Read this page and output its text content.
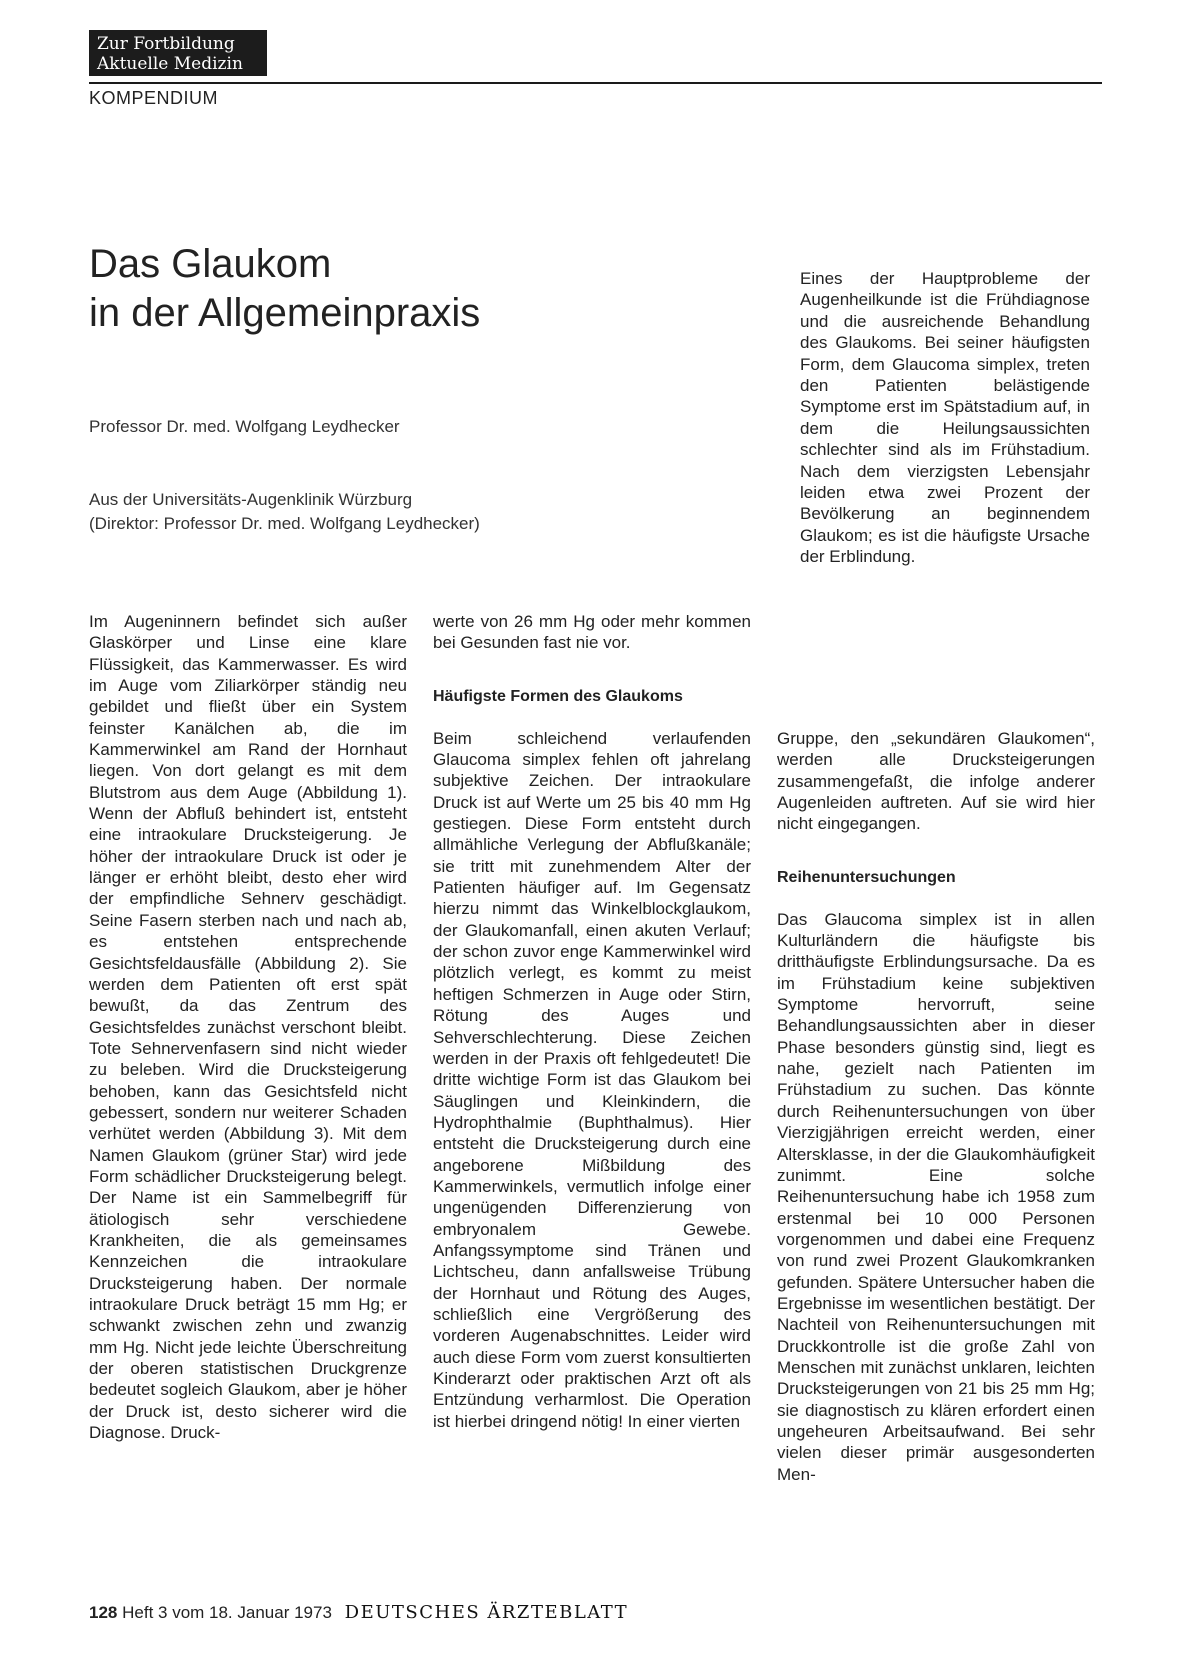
Zur Fortbildung
Aktuelle Medizin
KOMPENDIUM
Das Glaukom
in der Allgemeinpraxis
Professor Dr. med. Wolfgang Leydhecker
Aus der Universitäts-Augenklinik Würzburg
(Direktor: Professor Dr. med. Wolfgang Leydhecker)
Eines der Hauptprobleme der Augenheilkunde ist die Frühdiagnose und die ausreichende Behandlung des Glaukoms. Bei seiner häufigsten Form, dem Glaucoma simplex, treten den Patienten belästigende Symptome erst im Spätstadium auf, in dem die Heilungsaussichten schlechter sind als im Frühstadium. Nach dem vierzigsten Lebensjahr leiden etwa zwei Prozent der Bevölkerung an beginnendem Glaukom; es ist die häufigste Ursache der Erblindung.

Im Augeninnern befindet sich außer Glaskörper und Linse eine klare Flüssigkeit, das Kammerwasser. Es wird im Auge vom Ziliarkörper ständig neu gebildet und fließt über ein System feinster Kanälchen ab, die im Kammerwinkel am Rand der Hornhaut liegen. Von dort gelangt es mit dem Blutstrom aus dem Auge (Abbildung 1). Wenn der Abfluß behindert ist, entsteht eine intraokulare Drucksteigerung. Je höher der intraokulare Druck ist oder je länger er erhöht bleibt, desto eher wird der empfindliche Sehnerv geschädigt. Seine Fasern sterben nach und nach ab, es entstehen entsprechende Gesichtsfeldausfälle (Abbildung 2). Sie werden dem Patienten oft erst spät bewußt, da das Zentrum des Gesichtsfeldes zunächst verschont bleibt. Tote Sehnervenfasern sind nicht wieder zu beleben. Wird die Drucksteigerung behoben, kann das Gesichtsfeld nicht gebessert, sondern nur weiterer Schaden verhütet werden (Abbildung 3). Mit dem Namen Glaukom (grüner Star) wird jede Form schädlicher Drucksteigerung belegt. Der Name ist ein Sammelbegriff für ätiologisch sehr verschiedene Krankheiten, die als gemeinsames Kennzeichen die intraokulare Drucksteigerung haben. Der normale intraokulare Druck beträgt 15 mm Hg; er schwankt zwischen zehn und zwanzig mm Hg. Nicht jede leichte Überschreitung der oberen statistischen Druckgrenze bedeutet sogleich Glaukom, aber je höher der Druck ist, desto sicherer wird die Diagnose. Druck-

werte von 26 mm Hg oder mehr kommen bei Gesunden fast nie vor.

Häufigste Formen des Glaukoms

Beim schleichend verlaufenden Glaucoma simplex fehlen oft jahrelang subjektive Zeichen. Der intraokulare Druck ist auf Werte um 25 bis 40 mm Hg gestiegen. Diese Form entsteht durch allmähliche Verlegung der Abflußkanäle; sie tritt mit zunehmendem Alter der Patienten häufiger auf. Im Gegensatz hierzu nimmt das Winkelblockglaukom, der Glaukomanfall, einen akuten Verlauf; der schon zuvor enge Kammerwinkel wird plötzlich verlegt, es kommt zu meist heftigen Schmerzen in Auge oder Stirn, Rötung des Auges und Sehverschlechterung. Diese Zeichen werden in der Praxis oft fehlgedeutet! Die dritte wichtige Form ist das Glaukom bei Säuglingen und Kleinkindern, die Hydrophthalmie (Buphthalmus). Hier entsteht die Drucksteigerung durch eine angeborene Mißbildung des Kammerwinkels, vermutlich infolge einer ungenügenden Differenzierung von embryonalem Gewebe. Anfangssymptome sind Tränen und Lichtscheu, dann anfallsweise Trübung der Hornhaut und Rötung des Auges, schließlich eine Vergrößerung des vorderen Augenabschnittes. Leider wird auch diese Form vom zuerst konsultierten Kinderarzt oder praktischen Arzt oft als Entzündung verharmlost. Die Operation ist hierbei dringend nötig! In einer vierten

Gruppe, den „sekundären Glaukomen“, werden alle Drucksteigerungen zusammengefaßt, die infolge anderer Augenleiden auftreten. Auf sie wird hier nicht eingegangen.

Reihenuntersuchungen

Das Glaucoma simplex ist in allen Kulturländern die häufigste bis dritthäufigste Erblindungsursache. Da es im Frühstadium keine subjektiven Symptome hervorruft, seine Behandlungsaussichten aber in dieser Phase besonders günstig sind, liegt es nahe, gezielt nach Patienten im Frühstadium zu suchen. Das könnte durch Reihenuntersuchungen von über Vierzigjährigen erreicht werden, einer Altersklasse, in der die Glaukomhäufigkeit zunimmt. Eine solche Reihenuntersuchung habe ich 1958 zum erstenmal bei 10 000 Personen vorgenommen und dabei eine Frequenz von rund zwei Prozent Glaukomkranken gefunden. Spätere Untersucher haben die Ergebnisse im wesentlichen bestätigt. Der Nachteil von Reihenuntersuchungen mit Druckkontrolle ist die große Zahl von Menschen mit zunächst unklaren, leichten Drucksteigerungen von 21 bis 25 mm Hg; sie diagnostisch zu klären erfordert einen ungeheuren Arbeitsaufwand. Bei sehr vielen dieser primär ausgesonderten Men-

128 Heft 3 vom 18. Januar 1973 DEUTSCHES ÄRZTEBLATT
